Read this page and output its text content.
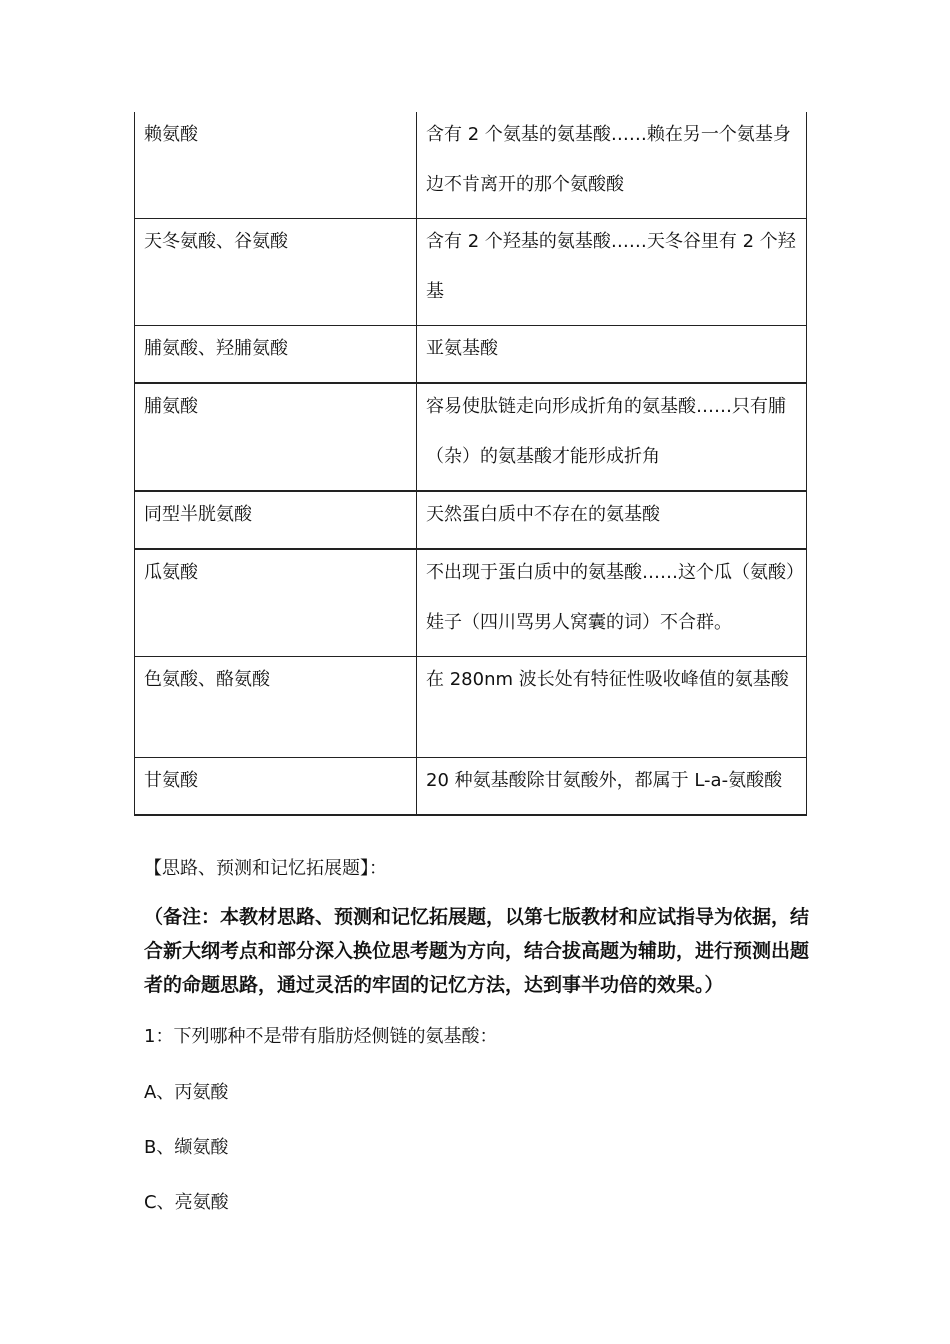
赖氨酸	含有 2 个氨基的氨基酸……赖在另一个氨基身边不肯离开的那个氨酸酸

天冬氨酸、谷氨酸	含有 2 个羟基的氨基酸……天冬谷里有 2 个羟基

脯氨酸、羟脯氨酸	亚氨基酸

脯氨酸	容易使肽链走向形成折角的氨基酸……只有脯（杂）的氨基酸才能形成折角

同型半胱氨酸	天然蛋白质中不存在的氨基酸

瓜氨酸	不出现于蛋白质中的氨基酸……这个瓜（氨酸）娃子（四川骂男人窝囊的词）不合群。

色氨酸、酪氨酸	在 280nm 波长处有特征性吸收峰值的氨基酸

甘氨酸	20 种氨基酸除甘氨酸外，都属于 L-a-氨酸酸
【思路、预测和记忆拓展题】：
（备注：本教材思路、预测和记忆拓展题，以第七版教材和应试指导为依据，结合新大纲考点和部分深入换位思考题为方向，结合拔高题为辅助，进行预测出题者的命题思路，通过灵活的牢固的记忆方法，达到事半功倍的效果。）
1：下列哪种不是带有脂肪烃侧链的氨基酸：
A、丙氨酸
B、缬氨酸
C、亮氨酸
